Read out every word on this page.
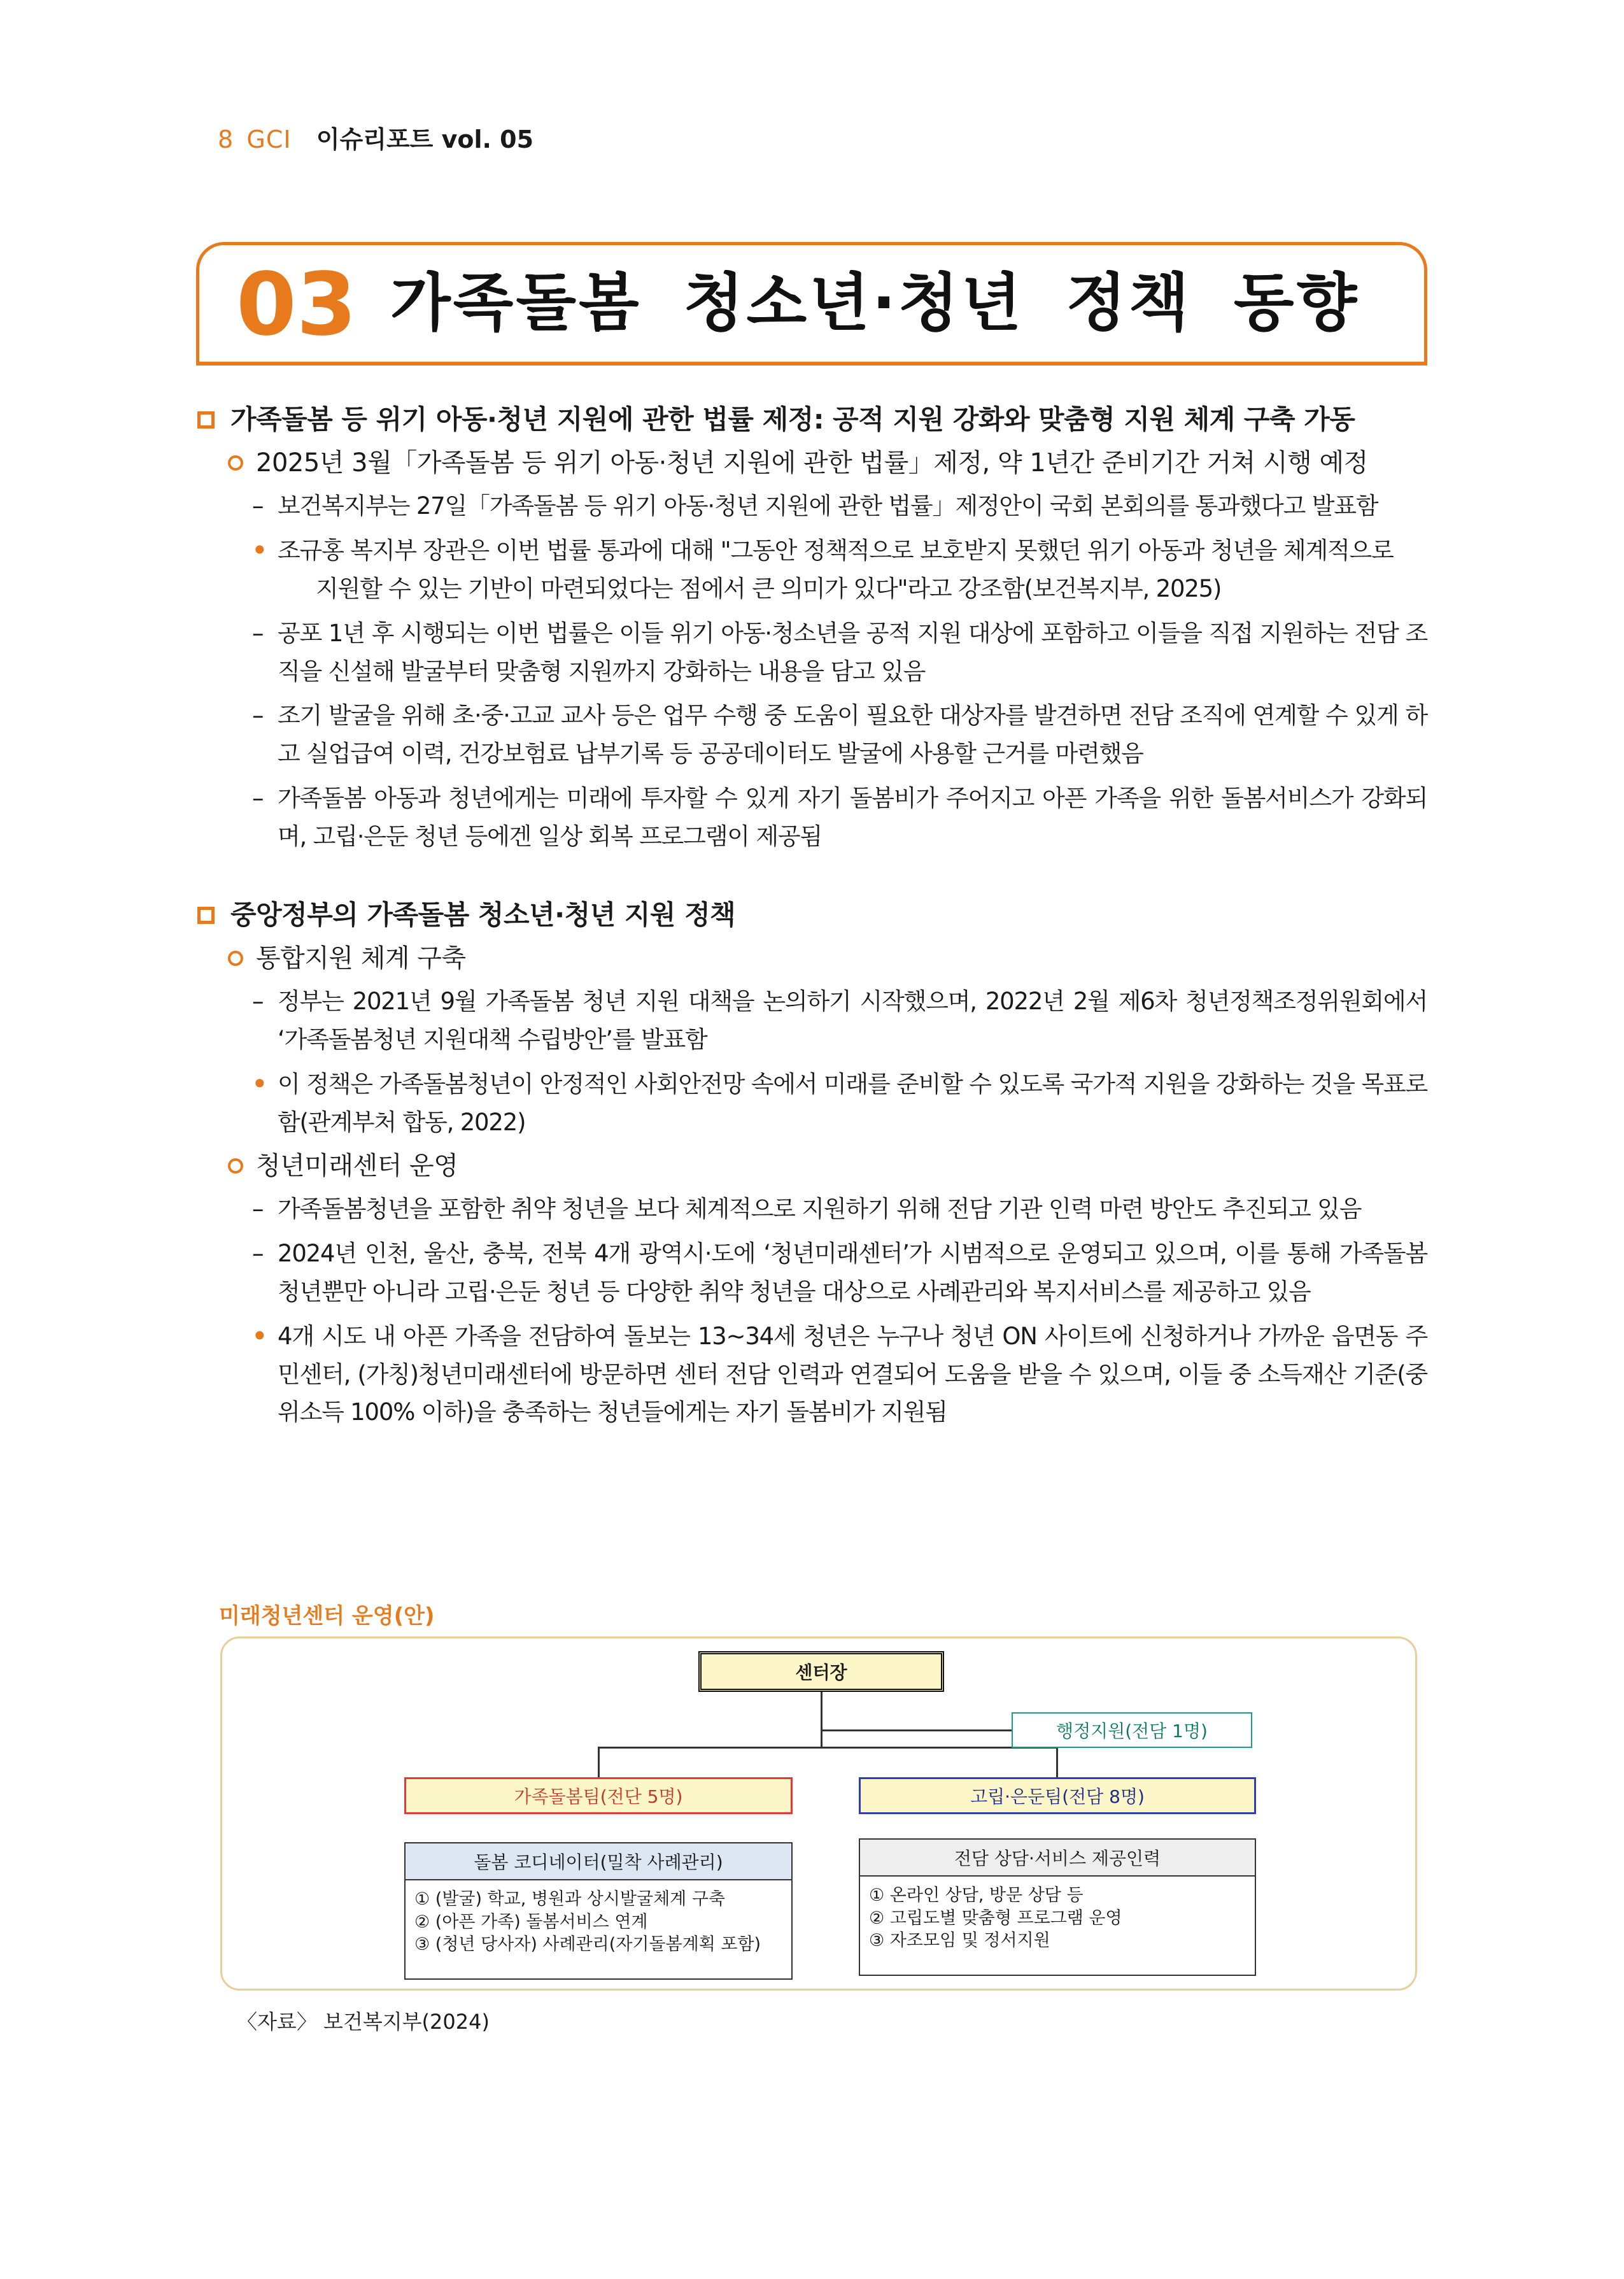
8 GCI 이슈리포트 vol. 05
03 가족돌봄 청소년·청년 정책 동향
가족돌봄 등 위기 아동·청년 지원에 관한 법률 제정: 공적 지원 강화와 맞춤형 지원 체계 구축 가동
2025년 3월「가족돌봄 등 위기 아동·청년 지원에 관한 법률」제정, 약 1년간 준비기간 거쳐 시행 예정
– 보건복지부는 27일「가족돌봄 등 위기 아동·청년 지원에 관한 법률」제정안이 국회 본회의를 통과했다고 발표함
• 조규홍 복지부 장관은 이번 법률 통과에 대해 "그동안 정책적으로 보호받지 못했던 위기 아동과 청년을 체계적으로
지원할 수 있는 기반이 마련되었다는 점에서 큰 의미가 있다"라고 강조함(보건복지부, 2025)
– 공포 1년 후 시행되는 이번 법률은 이들 위기 아동·청소년을 공적 지원 대상에 포함하고 이들을 직접 지원하는 전담 조직을 신설해 발굴부터 맞춤형 지원까지 강화하는 내용을 담고 있음
– 조기 발굴을 위해 초·중·고교 교사 등은 업무 수행 중 도움이 필요한 대상자를 발견하면 전담 조직에 연계할 수 있게 하고 실업급여 이력, 건강보험료 납부기록 등 공공데이터도 발굴에 사용할 근거를 마련했음
– 가족돌봄 아동과 청년에게는 미래에 투자할 수 있게 자기 돌봄비가 주어지고 아픈 가족을 위한 돌봄서비스가 강화되며, 고립·은둔 청년 등에겐 일상 회복 프로그램이 제공됨
중앙정부의 가족돌봄 청소년·청년 지원 정책
통합지원 체계 구축
– 정부는 2021년 9월 가족돌봄 청년 지원 대책을 논의하기 시작했으며, 2022년 2월 제6차 청년정책조정위원회에서 ‘가족돌봄청년 지원대책 수립방안’를 발표함
• 이 정책은 가족돌봄청년이 안정적인 사회안전망 속에서 미래를 준비할 수 있도록 국가적 지원을 강화하는 것을 목표로 함(관계부처 합동, 2022)
청년미래센터 운영
– 가족돌봄청년을 포함한 취약 청년을 보다 체계적으로 지원하기 위해 전담 기관 인력 마련 방안도 추진되고 있음
– 2024년 인천, 울산, 충북, 전북 4개 광역시·도에 ‘청년미래센터’가 시범적으로 운영되고 있으며, 이를 통해 가족돌봄 청년뿐만 아니라 고립·은둔 청년 등 다양한 취약 청년을 대상으로 사례관리와 복지서비스를 제공하고 있음
• 4개 시도 내 아픈 가족을 전담하여 돌보는 13~34세 청년은 누구나 청년 ON 사이트에 신청하거나 가까운 읍면동 주민센터, (가칭)청년미래센터에 방문하면 센터 전담 인력과 연결되어 도움을 받을 수 있으며, 이들 중 소득재산 기준(중위소득 100% 이하)을 충족하는 청년들에게는 자기 돌봄비가 지원됨
미래청년센터 운영(안)
센터장
행정지원(전담 1명)
가족돌봄팀(전단 5명)	고립·은둔팀(전담 8명)
돌봄 코디네이터(밀착 사례관리)
① (발굴) 학교, 병원과 상시발굴체계 구축
② (아픈 가족) 돌봄서비스 연계
③ (청년 당사자) 사례관리(자기돌봄계획 포함)
전담 상담·서비스 제공인력
① 온라인 상담, 방문 상담 등
② 고립도별 맞춤형 프로그램 운영
③ 자조모임 및 정서지원
〈자료〉 보건복지부(2024)
